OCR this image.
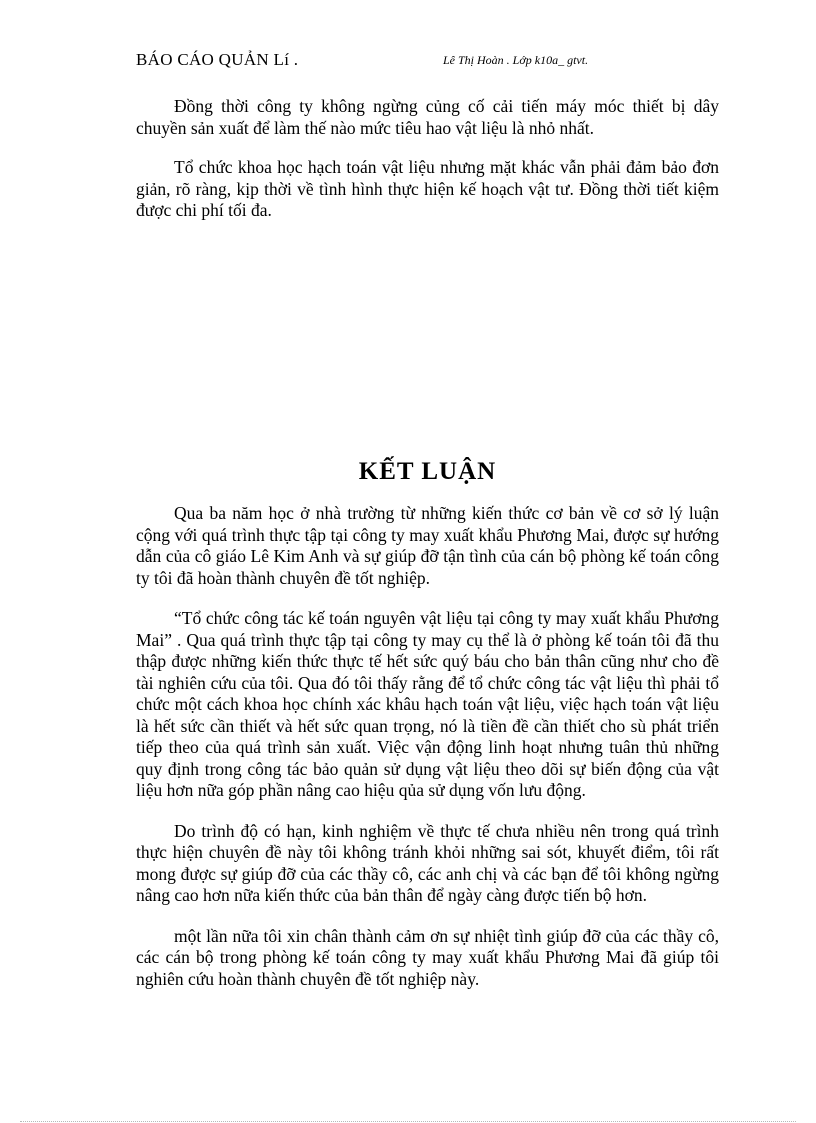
BÁO CÁO QUẢN Lí .	Lê Thị Hoàn . Lớp k10a_ gtvt.

Đồng thời công ty không ngừng củng cố cải tiến máy móc thiết bị dây chuyền sản xuất để làm thế nào mức tiêu hao vật liệu là nhỏ nhất.

Tổ chức khoa học hạch toán vật liệu nhưng mặt khác vẫn phải đảm bảo đơn giản, rõ ràng, kịp thời về tình hình thực hiện kế hoạch vật tư. Đồng thời tiết kiệm được chi phí tối đa.

KẾT LUẬN

Qua ba năm học ở nhà trường từ những kiến thức cơ bản về cơ sở lý luận cộng với quá trình thực tập tại công ty may xuất khẩu Phương Mai, được sự hướng dẫn của cô giáo Lê Kim Anh và sự giúp đỡ tận tình của cán bộ phòng kế toán công ty tôi đã hoàn thành chuyên đề tốt nghiệp.

“Tổ chức công tác kế toán nguyên vật liệu tại công ty may xuất khẩu Phương Mai” . Qua quá trình thực tập tại công ty may cụ thể là ở phòng kế toán tôi đã thu thập được những kiến thức thực tế hết sức quý báu cho bản thân cũng như cho đề tài nghiên cứu của tôi. Qua đó tôi thấy rằng để tổ chức công tác vật liệu thì phải tổ chức một cách khoa học chính xác khâu hạch toán vật liệu, việc hạch toán vật liệu là hết sức cần thiết và hết sức quan trọng, nó là tiền đề cần thiết cho sù phát triển tiếp theo của quá trình sản xuất. Việc vận động linh hoạt nhưng tuân thủ những quy định trong công tác bảo quản sử dụng vật liệu theo dõi sự biến động của vật liệu hơn nữa góp phần nâng cao hiệu qủa sử dụng vốn lưu động.

Do trình độ có hạn, kinh nghiệm về thực tế chưa nhiều nên trong quá trình thực hiện chuyên đề này tôi không tránh khỏi những sai sót, khuyết điểm, tôi rất mong được sự giúp đỡ của các thầy cô, các anh chị và các bạn để tôi không ngừng nâng cao hơn nữa kiến thức của bản thân để ngày càng được tiến bộ hơn.

một lần nữa tôi xin chân thành cảm ơn sự nhiệt tình giúp đỡ của các thầy cô, các cán bộ trong phòng kế toán công ty may xuất khẩu Phương Mai đã giúp tôi nghiên cứu hoàn thành chuyên đề tốt nghiệp này.
